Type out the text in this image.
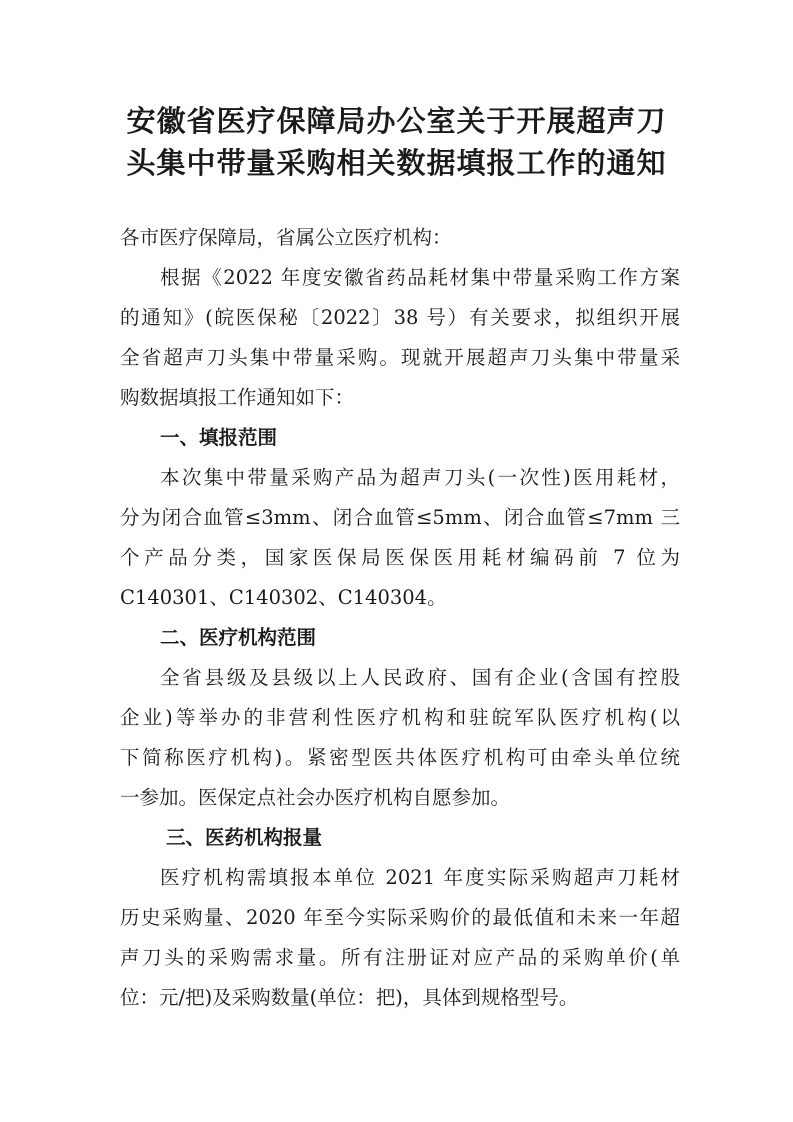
安徽省医疗保障局办公室关于开展超声刀
头集中带量采购相关数据填报工作的通知
各市医疗保障局，省属公立医疗机构：
根据《2022 年度安徽省药品耗材集中带量采购工作方案
的通知》(皖医保秘〔2022〕38 号）有关要求，拟组织开展
全省超声刀头集中带量采购。现就开展超声刀头集中带量采
购数据填报工作通知如下：
一、填报范围
本次集中带量采购产品为超声刀头(一次性)医用耗材，
分为闭合血管≤3mm、闭合血管≤5mm、闭合血管≤7mm 三
个产品分类，国家医保局医保医用耗材编码前 7 位为
C140301、C140302、C140304。
二、医疗机构范围
全省县级及县级以上人民政府、国有企业(含国有控股
企业)等举办的非营利性医疗机构和驻皖军队医疗机构(以
下简称医疗机构)。紧密型医共体医疗机构可由牵头单位统
一参加。医保定点社会办医疗机构自愿参加。
三、医药机构报量
医疗机构需填报本单位 2021 年度实际采购超声刀耗材
历史采购量、2020 年至今实际采购价的最低值和未来一年超
声刀头的采购需求量。所有注册证对应产品的采购单价(单
位：元/把)及采购数量(单位：把)，具体到规格型号。
